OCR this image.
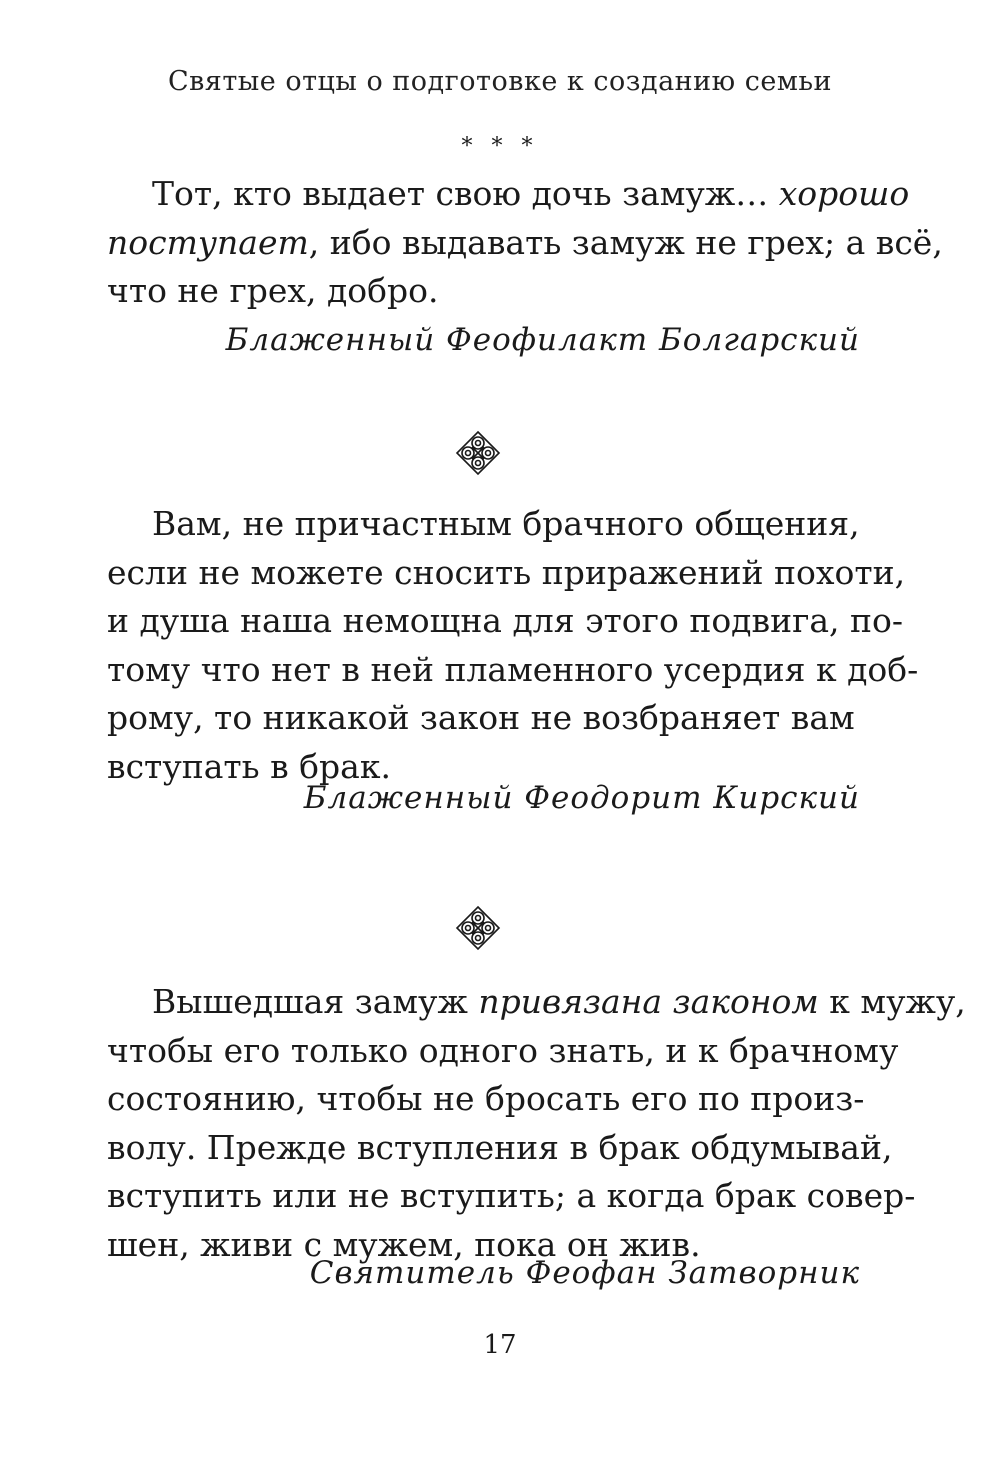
Святые отцы о подготовке к созданию семьи
* * *
Тот, кто выдает свою дочь замуж… хорошо
поступает, ибо выдавать замуж не грех; а всё,
что не грех, добро.
Блаженный Феофилакт Болгарский
Вам, не причастным брачного общения,
если не можете сносить приражений похоти,
и душа наша немощна для этого подвига, по-
тому что нет в ней пламенного усердия к доб-
рому, то никакой закон не возбраняет вам
вступать в брак.
Блаженный Феодорит Кирский
Вышедшая замуж привязана законом к мужу,
чтобы его только одного знать, и к брачному
состоянию, чтобы не бросать его по произ-
волу. Прежде вступления в брак обдумывай,
вступить или не вступить; а когда брак совер-
шен, живи с мужем, пока он жив.
Святитель Феофан Затворник
17
